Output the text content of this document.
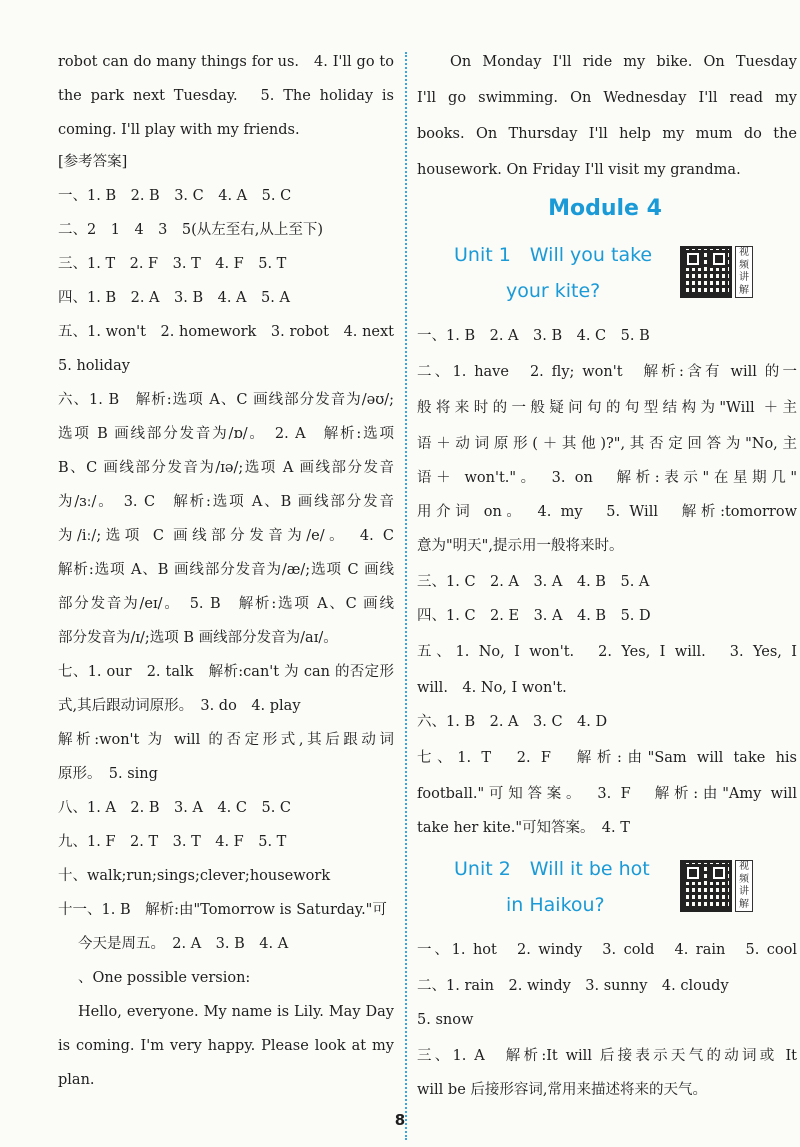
robot can do many things for us.　4. I'll go to
the park next Tuesday.　5. The holiday is
coming. I'll play with my friends.
[参考答案]
一、1. B　2. B　3. C　4. A　5. C
二、2　1　4　3　5(从左至右,从上至下)
三、1. T　2. F　3. T　4. F　5. T
四、1. B　2. A　3. B　4. A　5. A
五、1. won't　2. homework　3. robot　4. next
5. holiday
六、1. B　解析:选项 A、C 画线部分发音为/əʊ/;
选项 B 画线部分发音为/ɒ/。　2. A　解析:选项
B、C 画线部分发音为/ɪə/;选项 A 画线部分发音
为/ɜː/。　3. C　解析:选项 A、B 画线部分发音
为/iː/;选项 C 画线部分发音为/e/。　4. C
解析:选项 A、B 画线部分发音为/æ/;选项 C 画线
部分发音为/eɪ/。　5. B　解析:选项 A、C 画线
部分发音为/ɪ/;选项 B 画线部分发音为/aɪ/。
七、1. our　2. talk　解析:can't 为 can 的否定形
式,其后跟动词原形。　3. do　4. play
解析:won't 为 will 的否定形式,其后跟动词
原形。　5. sing
八、1. A　2. B　3. A　4. C　5. C
九、1. F　2. T　3. T　4. F　5. T
十、walk;run;sings;clever;housework
十一、1. B　解析:由"Tomorrow is Saturday."可
今天是周五。　2. A　3. B　4. A
、One possible version:
Hello, everyone. My name is Lily. May Day
is coming. I'm very happy. Please look at my
plan.
On Monday I'll ride my bike. On Tuesday
I'll go swimming. On Wednesday I'll read my
books. On Thursday I'll help my mum do the
housework. On Friday I'll visit my grandma.
Module 4
Unit 1　Will you take
your kite?
视
频
讲
解
一、1. B　2. A　3. B　4. C　5. B
二、1. have　2. fly; won't　解析:含有 will 的一
般将来时的一般疑问句的句型结构为"Will ＋主
语＋动词原形(＋其他)?",其否定回答为"No,主
语＋ won't."。　3. on　解析:表示"在星期几"
用介词 on。　4. my　5. Will　解析:tomorrow
意为"明天",提示用一般将来时。
三、1. C　2. A　3. A　4. B　5. A
四、1. C　2. E　3. A　4. B　5. D
五、1. No, I won't.　2. Yes, I will.　3. Yes, I
will.　4. No, I won't.
六、1. B　2. A　3. C　4. D
七、1. T　2. F　解析:由"Sam will take his
football."可知答案。　3. F　解析:由"Amy will
take her kite."可知答案。　4. T
Unit 2　Will it be hot
in Haikou?
视
频
讲
解
一、1. hot　2. windy　3. cold　4. rain　5. cool
二、1. rain　2. windy　3. sunny　4. cloudy
5. snow
三、1. A　解析:It will 后接表示天气的动词或 It
will be 后接形容词,常用来描述将来的天气。
8
